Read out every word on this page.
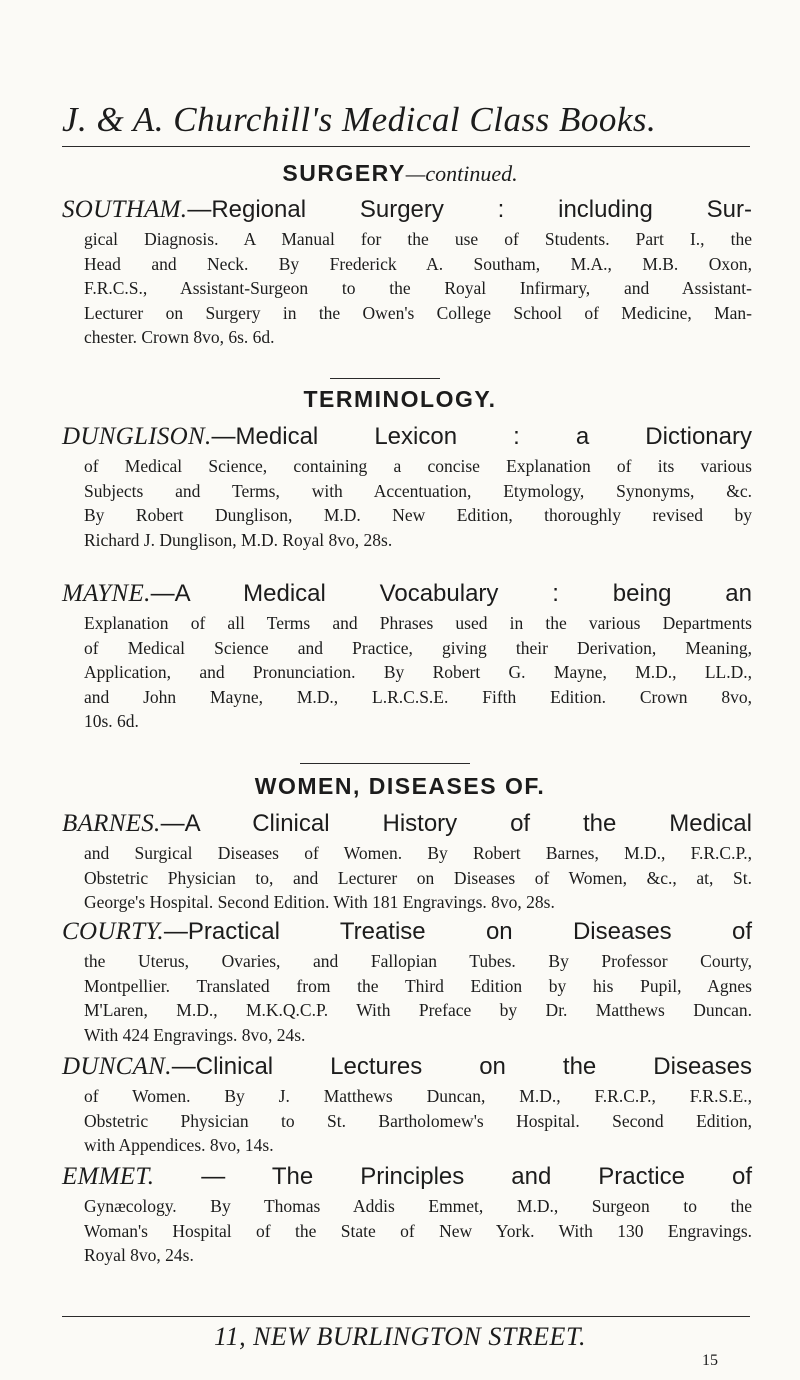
J. & A. Churchill's Medical Class Books.
SURGERY—continued.
SOUTHAM.—Regional Surgery : including Sur-
gical Diagnosis. A Manual for the use of Students. Part I., the
Head and Neck. By Frederick A. Southam, M.A., M.B. Oxon,
F.R.C.S., Assistant-Surgeon to the Royal Infirmary, and Assistant-
Lecturer on Surgery in the Owen's College School of Medicine, Man-
chester. Crown 8vo, 6s. 6d.
TERMINOLOGY.
DUNGLISON.—Medical Lexicon : a Dictionary
of Medical Science, containing a concise Explanation of its various
Subjects and Terms, with Accentuation, Etymology, Synonyms, &c.
By Robert Dunglison, M.D. New Edition, thoroughly revised by
Richard J. Dunglison, M.D. Royal 8vo, 28s.
MAYNE.—A Medical Vocabulary : being an
Explanation of all Terms and Phrases used in the various Departments
of Medical Science and Practice, giving their Derivation, Meaning,
Application, and Pronunciation. By Robert G. Mayne, M.D., LL.D.,
and John Mayne, M.D., L.R.C.S.E. Fifth Edition. Crown 8vo,
10s. 6d.
WOMEN, DISEASES OF.
BARNES.—A Clinical History of the Medical
and Surgical Diseases of Women. By Robert Barnes, M.D., F.R.C.P.,
Obstetric Physician to, and Lecturer on Diseases of Women, &c., at, St.
George's Hospital. Second Edition. With 181 Engravings. 8vo, 28s.
COURTY.—Practical Treatise on Diseases of
the Uterus, Ovaries, and Fallopian Tubes. By Professor Courty,
Montpellier. Translated from the Third Edition by his Pupil, Agnes
M'Laren, M.D., M.K.Q.C.P. With Preface by Dr. Matthews Duncan.
With 424 Engravings. 8vo, 24s.
DUNCAN.—Clinical Lectures on the Diseases
of Women. By J. Matthews Duncan, M.D., F.R.C.P., F.R.S.E.,
Obstetric Physician to St. Bartholomew's Hospital. Second Edition,
with Appendices. 8vo, 14s.
EMMET. — The Principles and Practice of
Gynæcology. By Thomas Addis Emmet, M.D., Surgeon to the
Woman's Hospital of the State of New York. With 130 Engravings.
Royal 8vo, 24s.
11, NEW BURLINGTON STREET.
15
